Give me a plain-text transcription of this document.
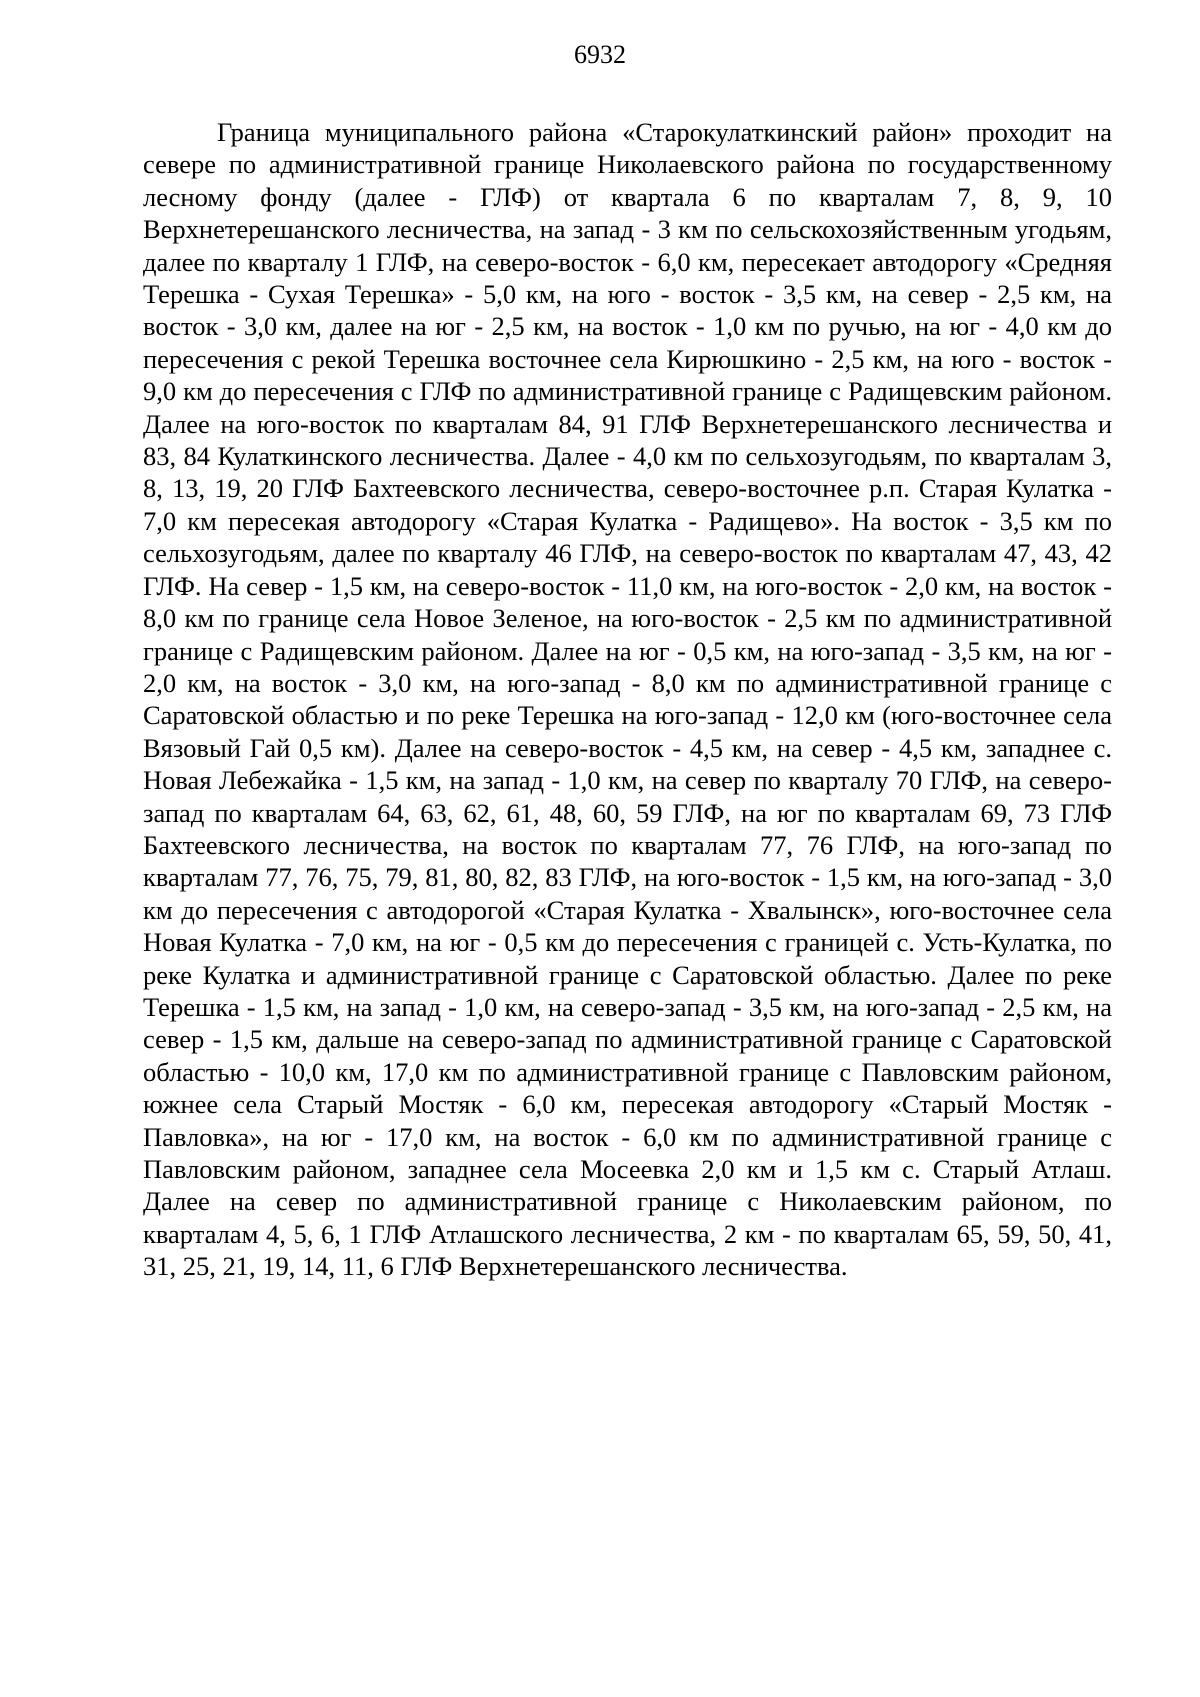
6932

Граница муниципального района «Старокулаткинский район» проходит на севере по административной границе Николаевского района по государственному лесному фонду (далее - ГЛФ) от квартала 6 по кварталам 7, 8, 9, 10 Верхнетерешанского лесничества, на запад - 3 км по сельскохозяйственным угодьям, далее по кварталу 1 ГЛФ, на северо-восток - 6,0 км, пересекает автодорогу «Средняя Терешка - Сухая Терешка» - 5,0 км, на юго - восток - 3,5 км, на север - 2,5 км, на восток - 3,0 км, далее на юг - 2,5 км, на восток - 1,0 км по ручью, на юг - 4,0 км до пересечения с рекой Терешка восточнее села Кирюшкино - 2,5 км, на юго - восток - 9,0 км до пересечения с ГЛФ по административной границе с Радищевским районом. Далее на юго-восток по кварталам 84, 91 ГЛФ Верхнетерешанского лесничества и 83, 84 Кулаткинского лесничества. Далее - 4,0 км по сельхозугодьям, по кварталам 3, 8, 13, 19, 20 ГЛФ Бахтеевского лесничества, северо-восточнее р.п. Старая Кулатка - 7,0 км пересекая автодорогу «Старая Кулатка - Радищево». На восток - 3,5 км по сельхозугодьям, далее по кварталу 46 ГЛФ, на северо-восток по кварталам 47, 43, 42 ГЛФ. На север - 1,5 км, на северо-восток - 11,0 км, на юго-восток - 2,0 км, на восток - 8,0 км по границе села Новое Зеленое, на юго-восток - 2,5 км по административной границе с Радищевским районом. Далее на юг - 0,5 км, на юго-запад - 3,5 км, на юг - 2,0 км, на восток - 3,0 км, на юго-запад - 8,0 км по административной границе с Саратовской областью и по реке Терешка на юго-запад - 12,0 км (юго-восточнее села Вязовый Гай 0,5 км). Далее на северо-восток - 4,5 км, на север - 4,5 км, западнее с. Новая Лебежайка - 1,5 км, на запад - 1,0 км, на север по кварталу 70 ГЛФ, на северо-запад по кварталам 64, 63, 62, 61, 48, 60, 59 ГЛФ, на юг по кварталам 69, 73 ГЛФ Бахтеевского лесничества, на восток по кварталам 77, 76 ГЛФ, на юго-запад по кварталам 77, 76, 75, 79, 81, 80, 82, 83 ГЛФ, на юго-восток - 1,5 км, на юго-запад - 3,0 км до пересечения с автодорогой «Старая Кулатка - Хвалынск», юго-восточнее села Новая Кулатка - 7,0 км, на юг - 0,5 км до пересечения с границей с. Усть-Кулатка, по реке Кулатка и административной границе с Саратовской областью. Далее по реке Терешка - 1,5 км, на запад - 1,0 км, на северо-запад - 3,5 км, на юго-запад - 2,5 км, на север - 1,5 км, дальше на северо-запад по административной границе с Саратовской областью - 10,0 км, 17,0 км по административной границе с Павловским районом, южнее села Старый Мостяк - 6,0 км, пересекая автодорогу «Старый Мостяк - Павловка», на юг - 17,0 км, на восток - 6,0 км по административной границе с Павловским районом, западнее села Мосеевка 2,0 км и 1,5 км с. Старый Атлаш. Далее на север по административной границе с Николаевским районом, по кварталам 4, 5, 6, 1 ГЛФ Атлашского лесничества, 2 км - по кварталам 65, 59, 50, 41, 31, 25, 21, 19, 14, 11, 6 ГЛФ Верхнетерешанского лесничества.
